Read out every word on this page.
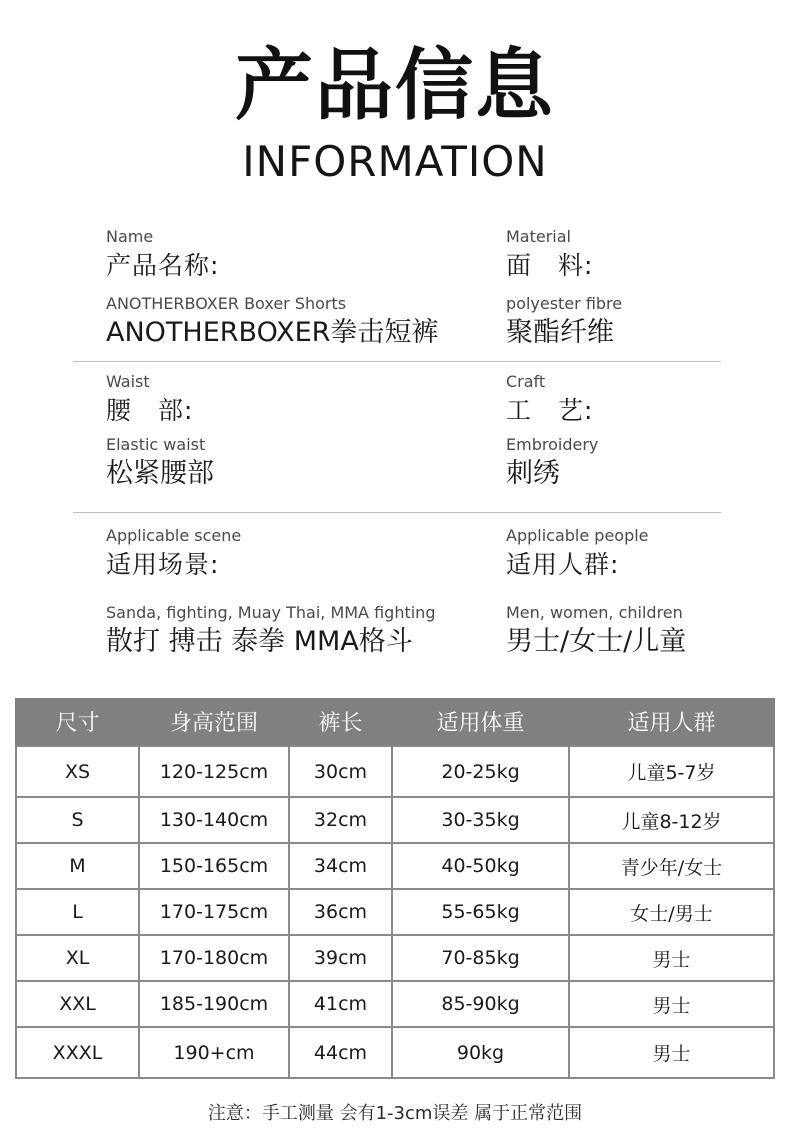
产品信息
INFORMATION
Name
产品名称:
ANOTHERBOXER Boxer Shorts
ANOTHERBOXER拳击短裤
Material
面　料:
polyester fibre
聚酯纤维
Waist
腰　部:
Elastic waist
松紧腰部
Craft
工　艺:
Embroidery
刺绣
Applicable scene
适用场景:
Sanda, fighting, Muay Thai, MMA fighting
散打 搏击 泰拳 MMA格斗
Applicable people
适用人群:
Men, women, children
男士/女士/儿童
尺寸	身高范围	裤长	适用体重	适用人群
XS	120-125cm	30cm	20-25kg	儿童5-7岁
S	130-140cm	32cm	30-35kg	儿童8-12岁
M	150-165cm	34cm	40-50kg	青少年/女士
L	170-175cm	36cm	55-65kg	女士/男士
XL	170-180cm	39cm	70-85kg	男士
XXL	185-190cm	41cm	85-90kg	男士
XXXL	190+cm	44cm	90kg	男士
注意：手工测量 会有1-3cm误差 属于正常范围
